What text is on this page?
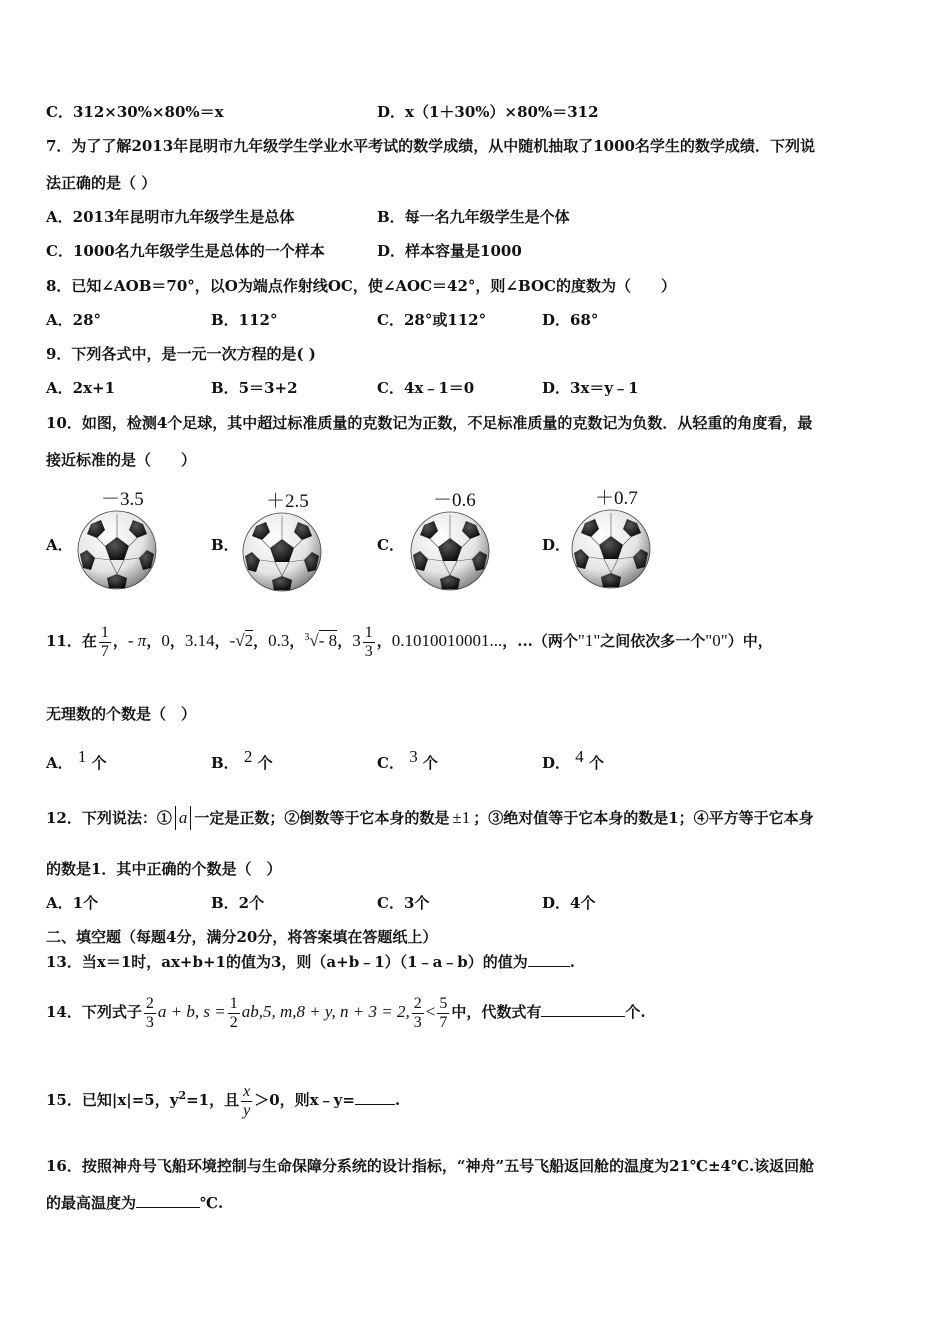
C．312×30%×80%＝x	D．x（1＋30%）×80%＝312
7．为了了解2013年昆明市九年级学生学业水平考试的数学成绩，从中随机抽取了1000名学生的数学成绩．下列说
法正确的是（ ）
A．2013年昆明市九年级学生是总体	B．每一名九年级学生是个体
C．1000名九年级学生是总体的一个样本	D．样本容量是1000
8．已知∠AOB＝70°，以O为端点作射线OC，使∠AOC＝42°，则∠BOC的度数为（　　）
A．28°	B．112°	C．28°或112°	D．68°
9．下列各式中，是一元一次方程的是( )
A．2x+1	B．5＝3+2	C．4x﹣1＝0	D．3x＝y﹣1
10．如图，检测4个足球，其中超过标准质量的克数记为正数，不足标准质量的克数记为负数．从轻重的角度看，最
接近标准的是（　　）
A．
－3.5
B．
＋2.5
C．
－0.6
D．
＋0.7
11．在 $\frac{1}{7}$ ，- π，0，3.14，-√2，0.3，$^3$√- 8，$3 \frac{1}{3}$ ，0.1010010001...，...（两个"1"之间依次多一个"0"）中，
无理数的个数是（　）
A． 1 个	B． 2 个	C． 3 个	D． 4 个
12．下列说法：① a 一定是正数；②倒数等于它本身的数是 ±1 ；③绝对值等于它本身的数是1；④平方等于它本身
的数是1．其中正确的个数是（　）
A．1个	B．2个	C．3个	D．4个
二、填空题（每题4分，满分20分，将答案填在答题纸上）
13．当x＝1时，ax+b+1的值为3，则（a+b﹣1）（1﹣a﹣b）的值为	.
14．下列式子 $\frac{2}{3}$ a + b, $s = \frac{1}{2} ab,5$, m,8 + y, n + 3 = 2, $\frac{2}{3} < \frac{5}{7}$ 中，代数式有	个.
15．已知|x|=5，$y^2=1$，且 $\frac{x}{y} >0$，则x﹣y=	.
16．按照神舟号飞船环境控制与生命保障分系统的设计指标，“神舟”五号飞船返回舱的温度为21℃±4℃.该返回舱
的最高温度为	℃.
